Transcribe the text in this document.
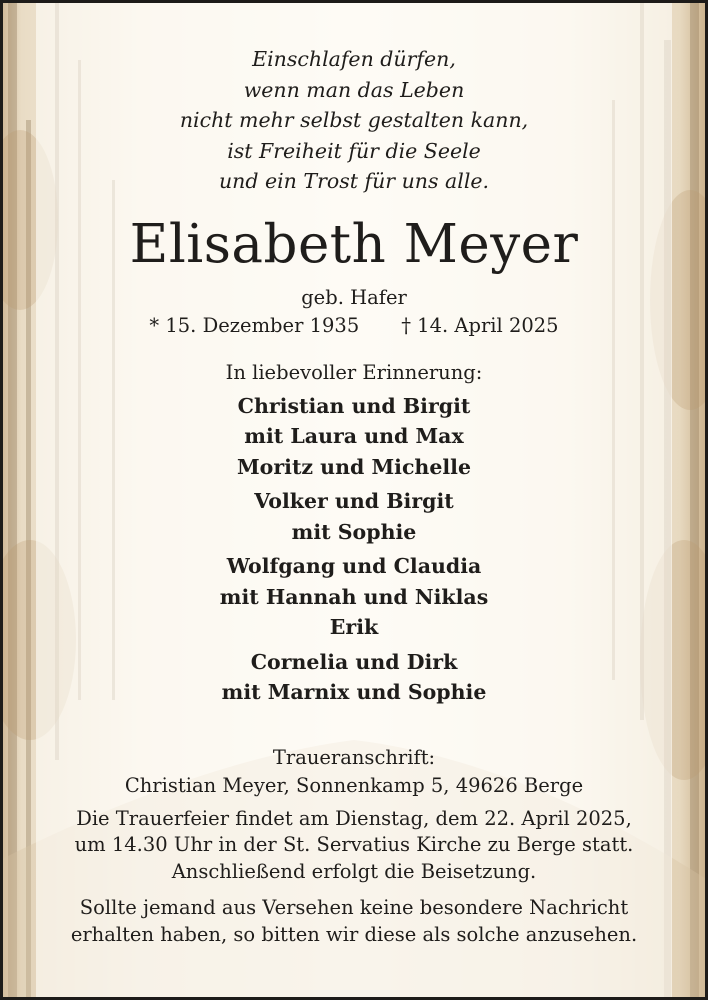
Einschlafen dürfen,
wenn man das Leben
nicht mehr selbst gestalten kann,
ist Freiheit für die Seele
und ein Trost für uns alle.
Elisabeth Meyer
geb. Hafer
* 15. Dezember 1935 † 14. April 2025
In liebevoller Erinnerung:
Christian und Birgit
mit Laura und Max
Moritz und Michelle
Volker und Birgit
mit Sophie
Wolfgang und Claudia
mit Hannah und Niklas
Erik
Cornelia und Dirk
mit Marnix und Sophie
Traueranschrift:
Christian Meyer, Sonnenkamp 5, 49626 Berge
Die Trauerfeier findet am Dienstag, dem 22. April 2025,
um 14.30 Uhr in der St. Servatius Kirche zu Berge statt.
Anschließend erfolgt die Beisetzung.
Sollte jemand aus Versehen keine besondere Nachricht
erhalten haben, so bitten wir diese als solche anzusehen.
